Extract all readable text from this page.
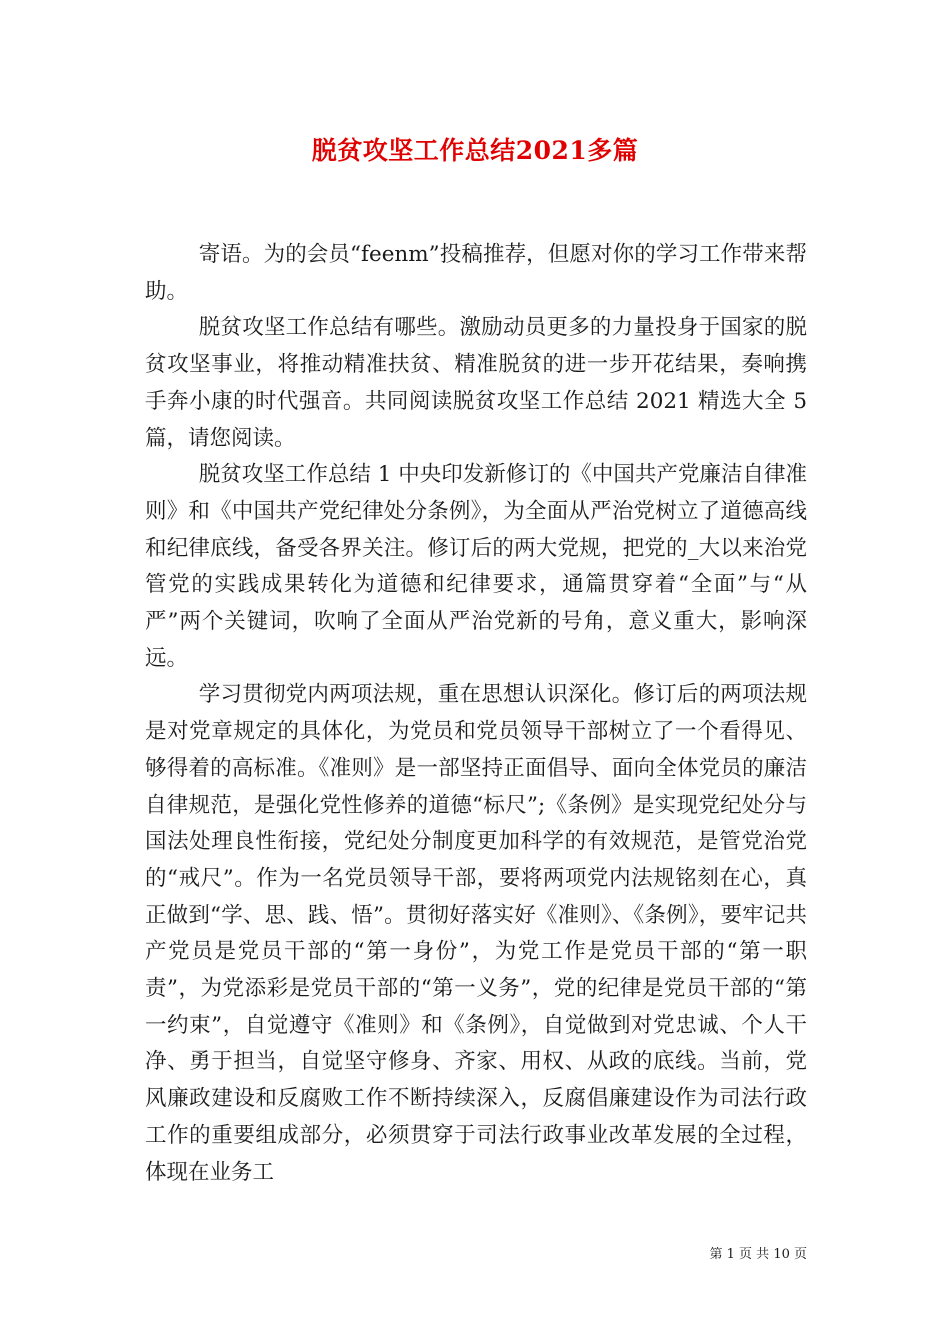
脱贫攻坚工作总结2021多篇

寄语。为的会员“feenm”投稿推荐，但愿对你的学习工作带来帮助。

脱贫攻坚工作总结有哪些。激励动员更多的力量投身于国家的脱贫攻坚事业，将推动精准扶贫、精准脱贫的进一步开花结果，奏响携手奔小康的时代强音。共同阅读脱贫攻坚工作总结 2021 精选大全 5 篇，请您阅读。

脱贫攻坚工作总结 1 中央印发新修订的《中国共产党廉洁自律准则》和《中国共产党纪律处分条例》，为全面从严治党树立了道德高线和纪律底线，备受各界关注。修订后的两大党规，把党的_大以来治党管党的实践成果转化为道德和纪律要求，通篇贯穿着“全面”与“从严”两个关键词，吹响了全面从严治党新的号角，意义重大，影响深远。

学习贯彻党内两项法规，重在思想认识深化。修订后的两项法规是对党章规定的具体化，为党员和党员领导干部树立了一个看得见、够得着的高标准。《准则》是一部坚持正面倡导、面向全体党员的廉洁自律规范，是强化党性修养的道德“标尺”;《条例》是实现党纪处分与国法处理良性衔接，党纪处分制度更加科学的有效规范，是管党治党的“戒尺”。作为一名党员领导干部，要将两项党内法规铭刻在心，真正做到“学、思、践、悟”。贯彻好落实好《准则》、《条例》，要牢记共产党员是党员干部的“第一身份”，为党工作是党员干部的“第一职责”，为党添彩是党员干部的“第一义务”，党的纪律是党员干部的“第一约束”，自觉遵守《准则》和《条例》，自觉做到对党忠诚、个人干净、勇于担当，自觉坚守修身、齐家、用权、从政的底线。当前，党风廉政建设和反腐败工作不断持续深入，反腐倡廉建设作为司法行政工作的重要组成部分，必须贯穿于司法行政事业改革发展的全过程，体现在业务工

第 1 页 共 10 页
